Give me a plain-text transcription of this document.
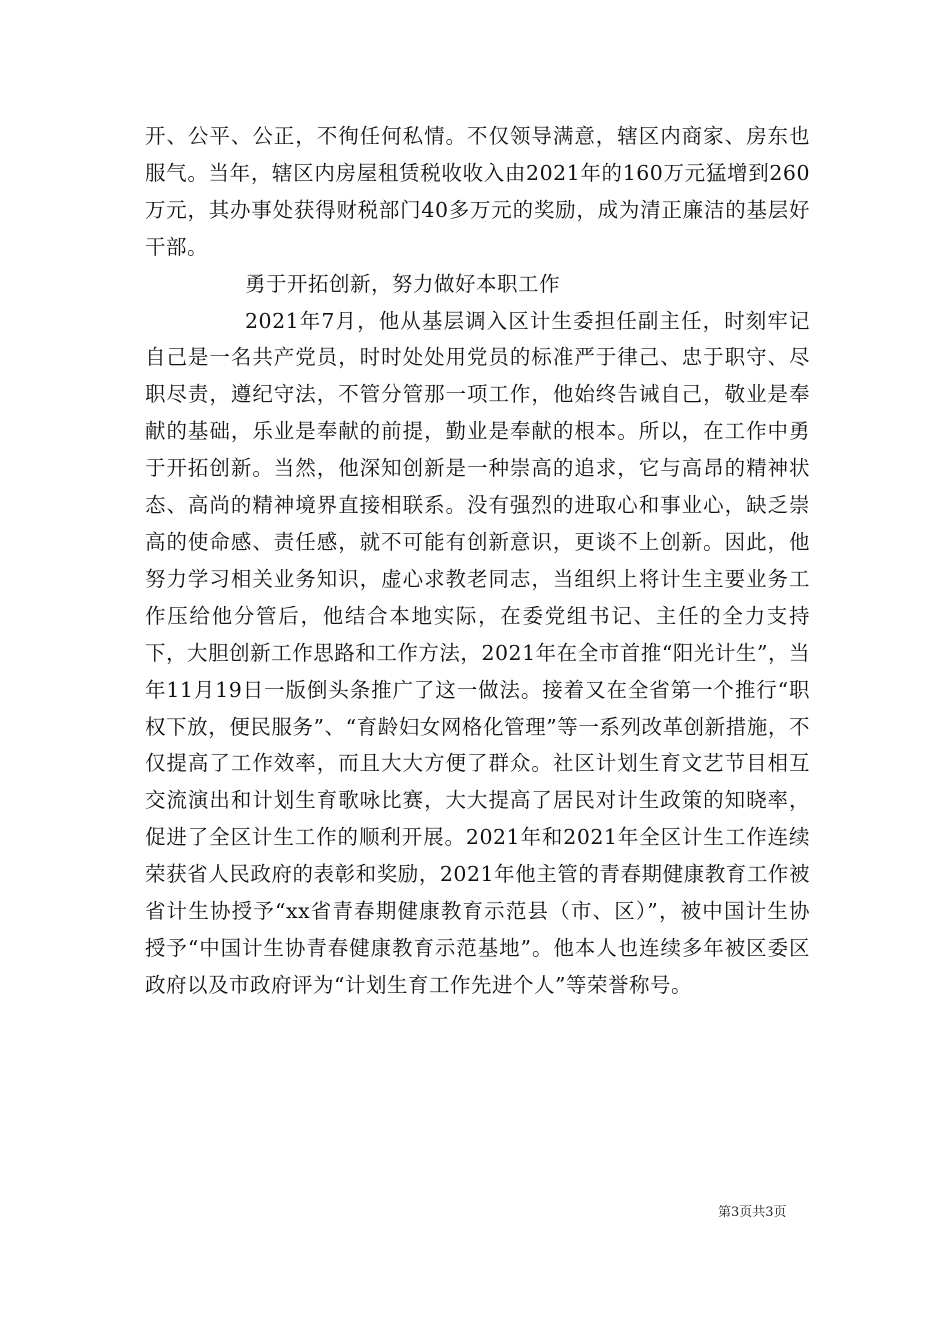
开、公平、公正，不徇任何私情。不仅领导满意，辖区内商家、房东也服气。当年，辖区内房屋租赁税收收入由2021年的160万元猛增到260万元，其办事处获得财税部门40多万元的奖励，成为清正廉洁的基层好干部。

勇于开拓创新，努力做好本职工作

2021年7月，他从基层调入区计生委担任副主任，时刻牢记自己是一名共产党员，时时处处用党员的标准严于律己、忠于职守、尽职尽责，遵纪守法，不管分管那一项工作，他始终告诫自己，敬业是奉献的基础，乐业是奉献的前提，勤业是奉献的根本。所以，在工作中勇于开拓创新。当然，他深知创新是一种崇高的追求，它与高昂的精神状态、高尚的精神境界直接相联系。没有强烈的进取心和事业心，缺乏崇高的使命感、责任感，就不可能有创新意识，更谈不上创新。因此，他努力学习相关业务知识，虚心求教老同志，当组织上将计生主要业务工作压给他分管后，他结合本地实际，在委党组书记、主任的全力支持下，大胆创新工作思路和工作方法，2021年在全市首推“阳光计生”，当年11月19日一版倒头条推广了这一做法。接着又在全省第一个推行“职权下放，便民服务”、“育龄妇女网格化管理”等一系列改革创新措施，不仅提高了工作效率，而且大大方便了群众。社区计划生育文艺节目相互交流演出和计划生育歌咏比赛，大大提高了居民对计生政策的知晓率，促进了全区计生工作的顺利开展。2021年和2021年全区计生工作连续荣获省人民政府的表彰和奖励，2021年他主管的青春期健康教育工作被省计生协授予“xx省青春期健康教育示范县（市、区）”，被中国计生协授予“中国计生协青春健康教育示范基地”。他本人也连续多年被区委区政府以及市政府评为“计划生育工作先进个人”等荣誉称号。

第3页共3页
